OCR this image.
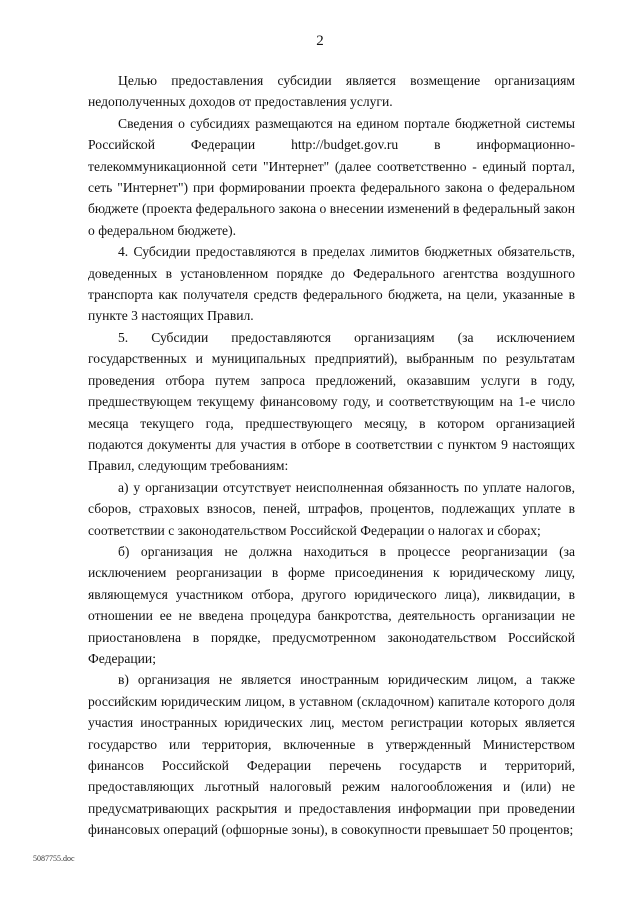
2

Целью предоставления субсидии является возмещение организациям недополученных доходов от предоставления услуги.

Сведения о субсидиях размещаются на едином портале бюджетной системы Российской Федерации http://budget.gov.ru в информационно-телекоммуникационной сети "Интернет" (далее соответственно - единый портал, сеть "Интернет") при формировании проекта федерального закона о федеральном бюджете (проекта федерального закона о внесении изменений в федеральный закон о федеральном бюджете).

4. Субсидии предоставляются в пределах лимитов бюджетных обязательств, доведенных в установленном порядке до Федерального агентства воздушного транспорта как получателя средств федерального бюджета, на цели, указанные в пункте 3 настоящих Правил.

5. Субсидии предоставляются организациям (за исключением государственных и муниципальных предприятий), выбранным по результатам проведения отбора путем запроса предложений, оказавшим услуги в году, предшествующем текущему финансовому году, и соответствующим на 1-е число месяца текущего года, предшествующего месяцу, в котором организацией подаются документы для участия в отборе в соответствии с пунктом 9 настоящих Правил, следующим требованиям:

а) у организации отсутствует неисполненная обязанность по уплате налогов, сборов, страховых взносов, пеней, штрафов, процентов, подлежащих уплате в соответствии с законодательством Российской Федерации о налогах и сборах;

б) организация не должна находиться в процессе реорганизации (за исключением реорганизации в форме присоединения к юридическому лицу, являющемуся участником отбора, другого юридического лица), ликвидации, в отношении ее не введена процедура банкротства, деятельность организации не приостановлена в порядке, предусмотренном законодательством Российской Федерации;

в) организация не является иностранным юридическим лицом, а также российским юридическим лицом, в уставном (складочном) капитале которого доля участия иностранных юридических лиц, местом регистрации которых является государство или территория, включенные в утвержденный Министерством финансов Российской Федерации перечень государств и территорий, предоставляющих льготный налоговый режим налогообложения и (или) не предусматривающих раскрытия и предоставления информации при проведении финансовых операций (офшорные зоны), в совокупности превышает 50 процентов;

5087755.doc
